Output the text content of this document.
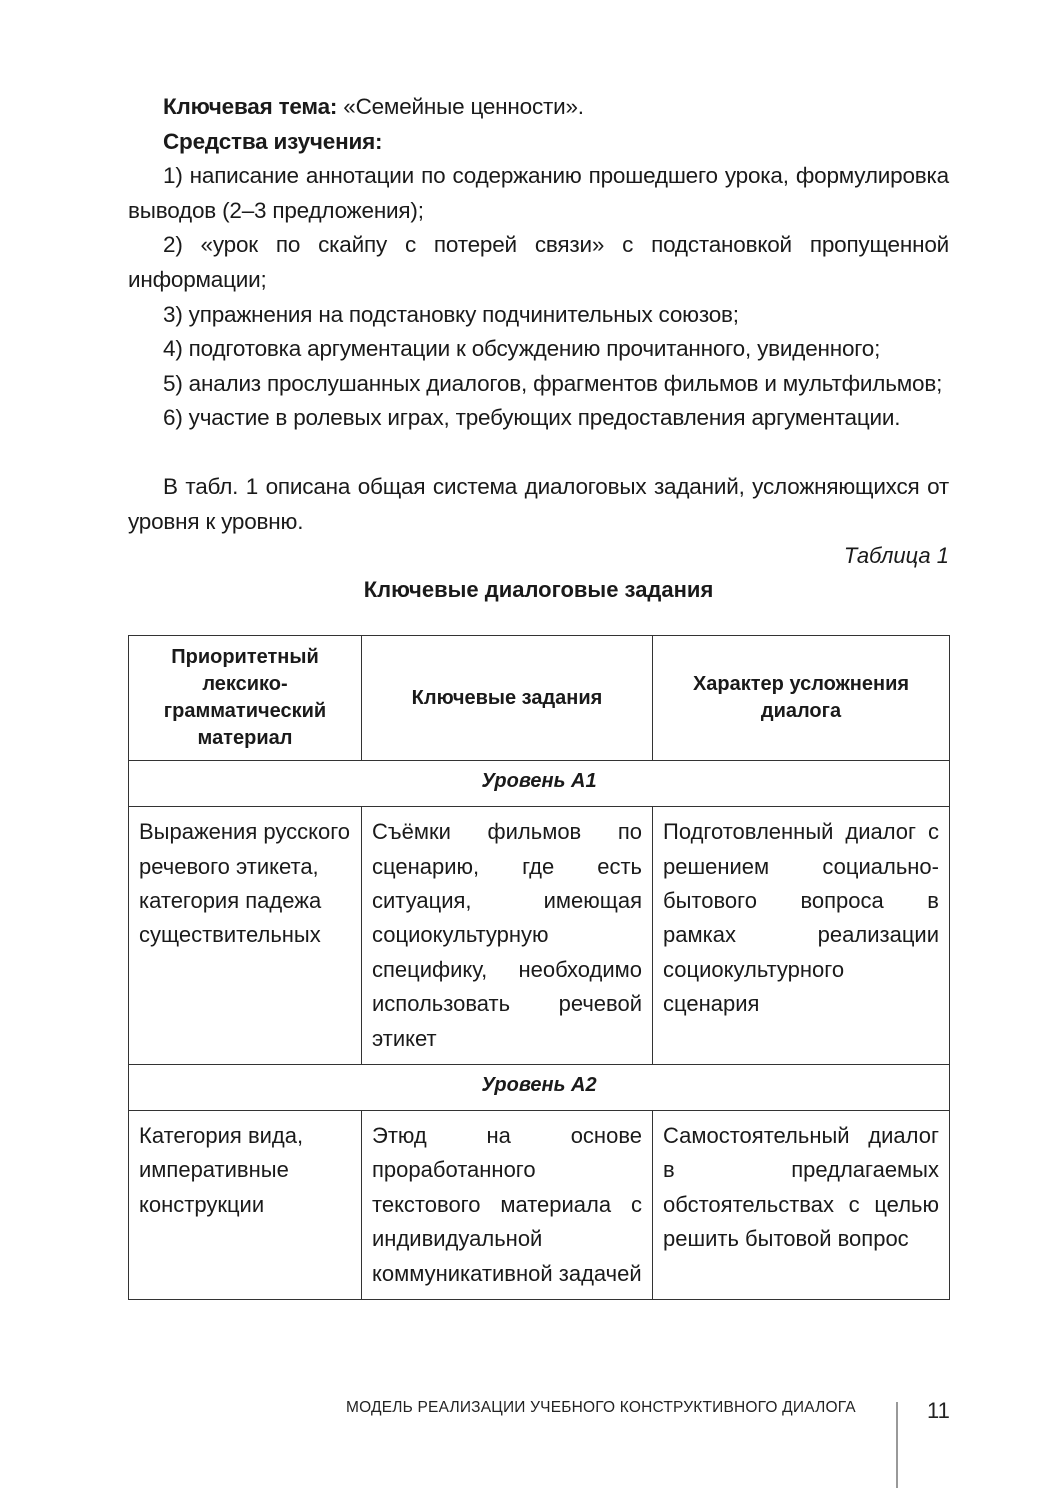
Ключевая тема: «Семейные ценности».

Средства изучения:

1) написание аннотации по содержанию прошедшего урока, формулировка выводов (2–3 предложения);

2) «урок по скайпу с потерей связи» с подстановкой пропущенной информации;

3) упражнения на подстановку подчинительных союзов;

4) подготовка аргументации к обсуждению прочитанного, увиденного;

5) анализ прослушанных диалогов, фрагментов фильмов и мультфильмов;

6) участие в ролевых играх, требующих предоставления аргументации.

В табл. 1 описана общая система диалоговых заданий, усложняющихся от уровня к уровню.

Таблица 1

Ключевые диалоговые задания

Приоритетный лексико-грамматический материал	Ключевые задания	Характер усложнения диалога
Уровень А1		
Выражения русского речевого этикета, категория падежа существительных	Съёмки фильмов по сценарию, где есть ситуация, имеющая социокультурную специфику, необходимо использовать речевой этикет	Подготовленный диалог с решением социально-бытового вопроса в рамках реализации социокультурного сценария
Уровень А2		
Категория вида, императивные конструкции	Этюд на основе проработанного текстового материала с индивидуальной коммуникативной задачей	Самостоятельный диалог в предлагаемых обстоятельствах с целью решить бытовой вопрос
МОДЕЛЬ РЕАЛИЗАЦИИ УЧЕБНОГО КОНСТРУКТИВНОГО ДИАЛОГА	11
